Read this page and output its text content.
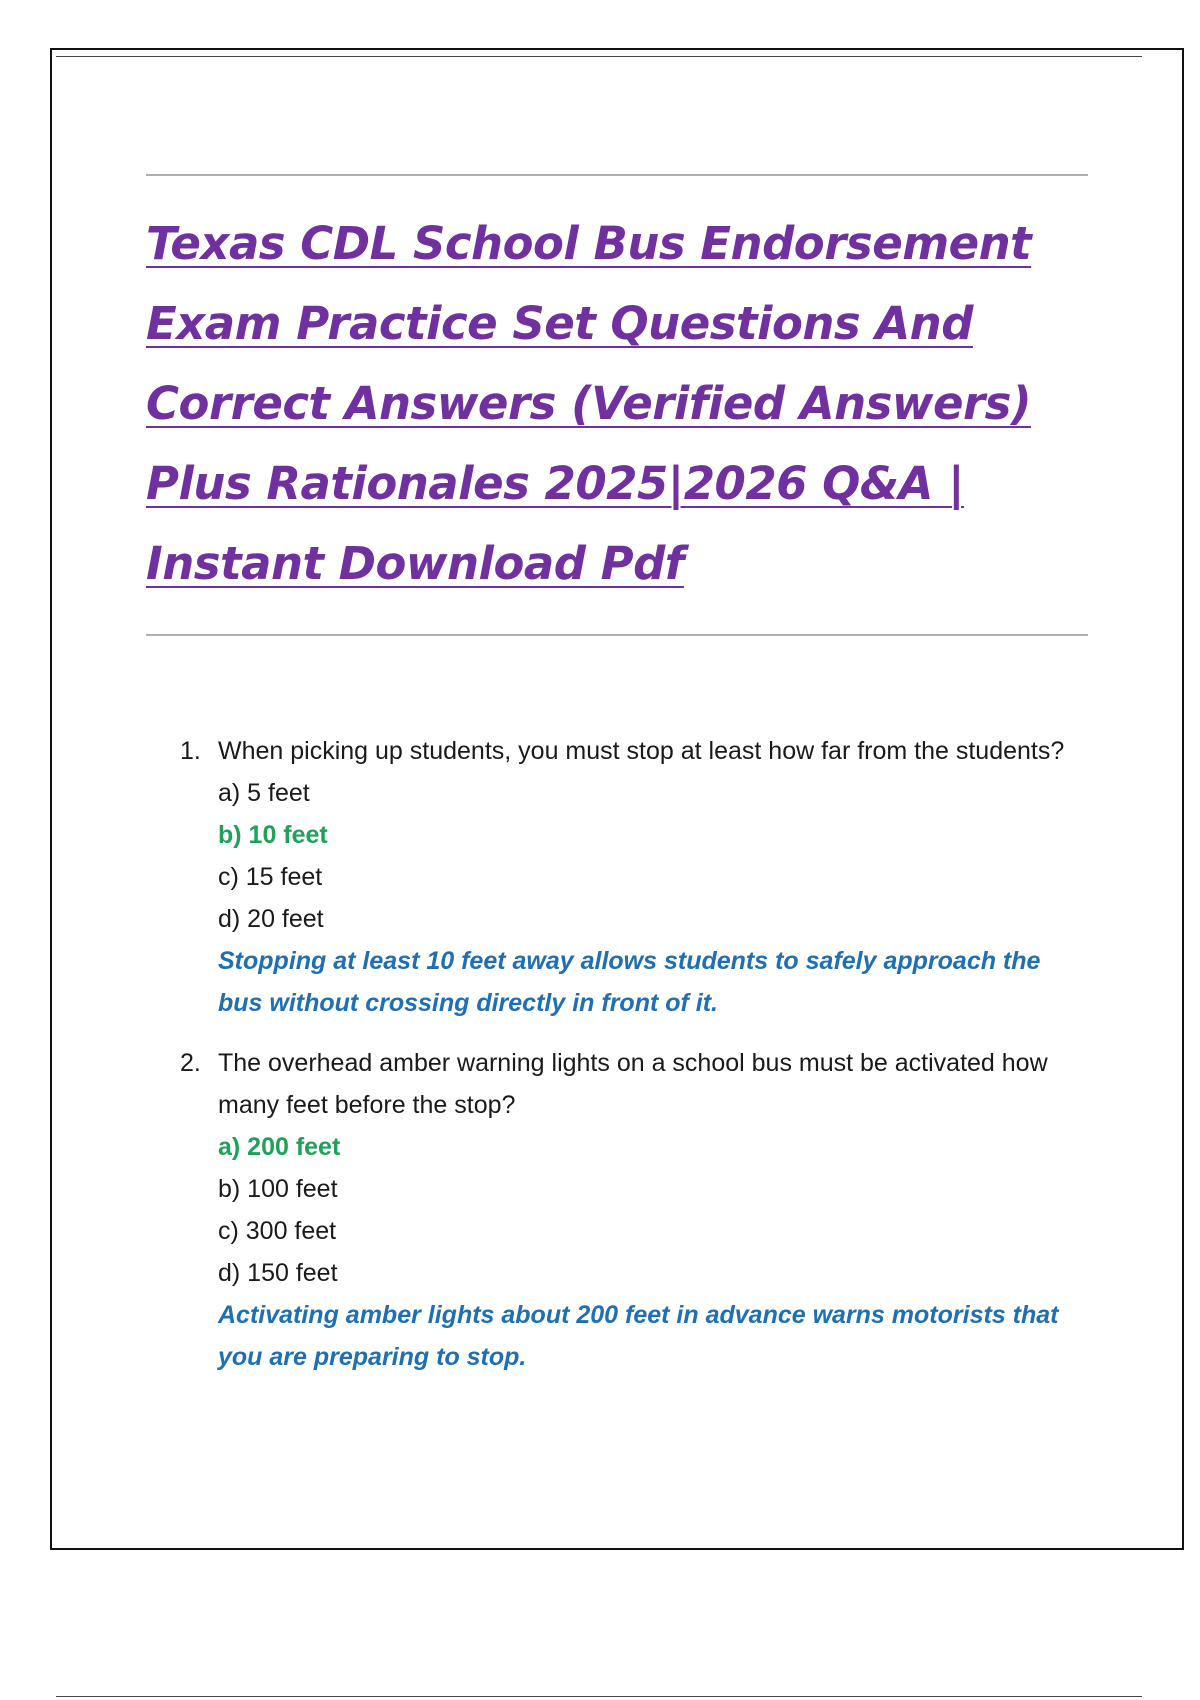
Texas CDL School Bus Endorsement Exam Practice Set Questions And Correct Answers (Verified Answers) Plus Rationales 2025|2026 Q&A | Instant Download Pdf
1. When picking up students, you must stop at least how far from the students?

a) 5 feet

b) 10 feet

c) 15 feet

d) 20 feet

Stopping at least 10 feet away allows students to safely approach the bus without crossing directly in front of it.

2. The overhead amber warning lights on a school bus must be activated how many feet before the stop?

a) 200 feet

b) 100 feet

c) 300 feet

d) 150 feet

Activating amber lights about 200 feet in advance warns motorists that you are preparing to stop.
